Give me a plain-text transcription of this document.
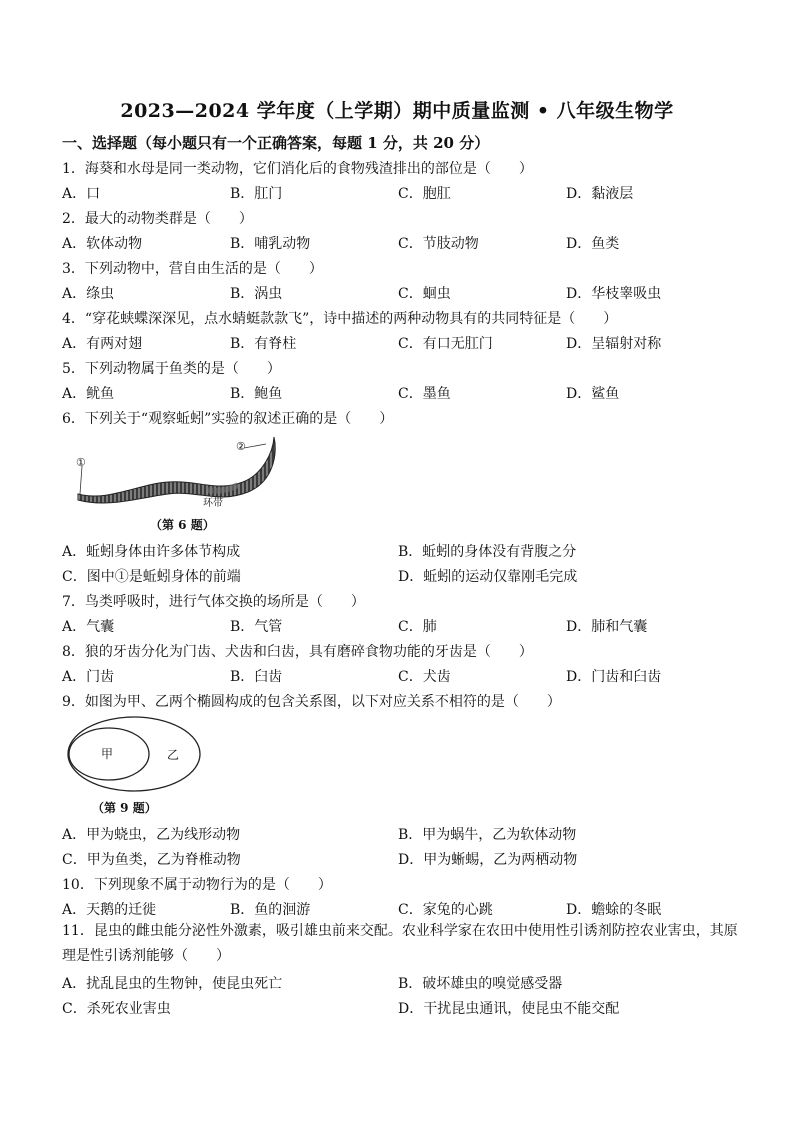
2023—2024 学年度（上学期）期中质量监测 • 八年级生物学
一、选择题（每小题只有一个正确答案，每题 1 分，共 20 分）
1．海葵和水母是同一类动物，它们消化后的食物残渣排出的部位是（　　）
A．口	B．肛门	C．胞肛	D．黏液层
2．最大的动物类群是（　　）
A．软体动物	B．哺乳动物	C．节肢动物	D．鱼类
3．下列动物中，营自由生活的是（　　）
A．绦虫	B．涡虫	C．蛔虫	D．华枝睾吸虫
4．“穿花蛱蝶深深见，点水蜻蜓款款飞”，诗中描述的两种动物具有的共同特征是（　　）
A．有两对翅	B．有脊柱	C．有口无肛门	D．呈辐射对称
5．下列动物属于鱼类的是（　　）
A．鱿鱼	B．鲍鱼	C．墨鱼	D．鲨鱼
6．下列关于“观察蚯蚓”实验的叙述正确的是（　　）
①
②
环带
（第 6 题）
A．蚯蚓身体由许多体节构成	B．蚯蚓的身体没有背腹之分
C．图中①是蚯蚓身体的前端	D．蚯蚓的运动仅靠刚毛完成
7．鸟类呼吸时，进行气体交换的场所是（　　）
A．气囊	B．气管	C．肺	D．肺和气囊
8．狼的牙齿分化为门齿、犬齿和臼齿，具有磨碎食物功能的牙齿是（　　）
A．门齿	B．臼齿	C．犬齿	D．门齿和臼齿
9．如图为甲、乙两个椭圆构成的包含关系图，以下对应关系不相符的是（　　）
甲	乙
（第 9 题）
A．甲为蛲虫，乙为线形动物	B．甲为蜗牛，乙为软体动物
C．甲为鱼类，乙为脊椎动物	D．甲为蜥蜴，乙为两栖动物
10．下列现象不属于动物行为的是（　　）
A．天鹅的迁徙	B．鱼的洄游	C．家兔的心跳	D．蟾蜍的冬眠
11．昆虫的雌虫能分泌性外激素，吸引雄虫前来交配。农业科学家在农田中使用性引诱剂防控农业害虫，其原理是性引诱剂能够（　　）
A．扰乱昆虫的生物钟，使昆虫死亡	B．破坏雄虫的嗅觉感受器
C．杀死农业害虫	D．干扰昆虫通讯，使昆虫不能交配
